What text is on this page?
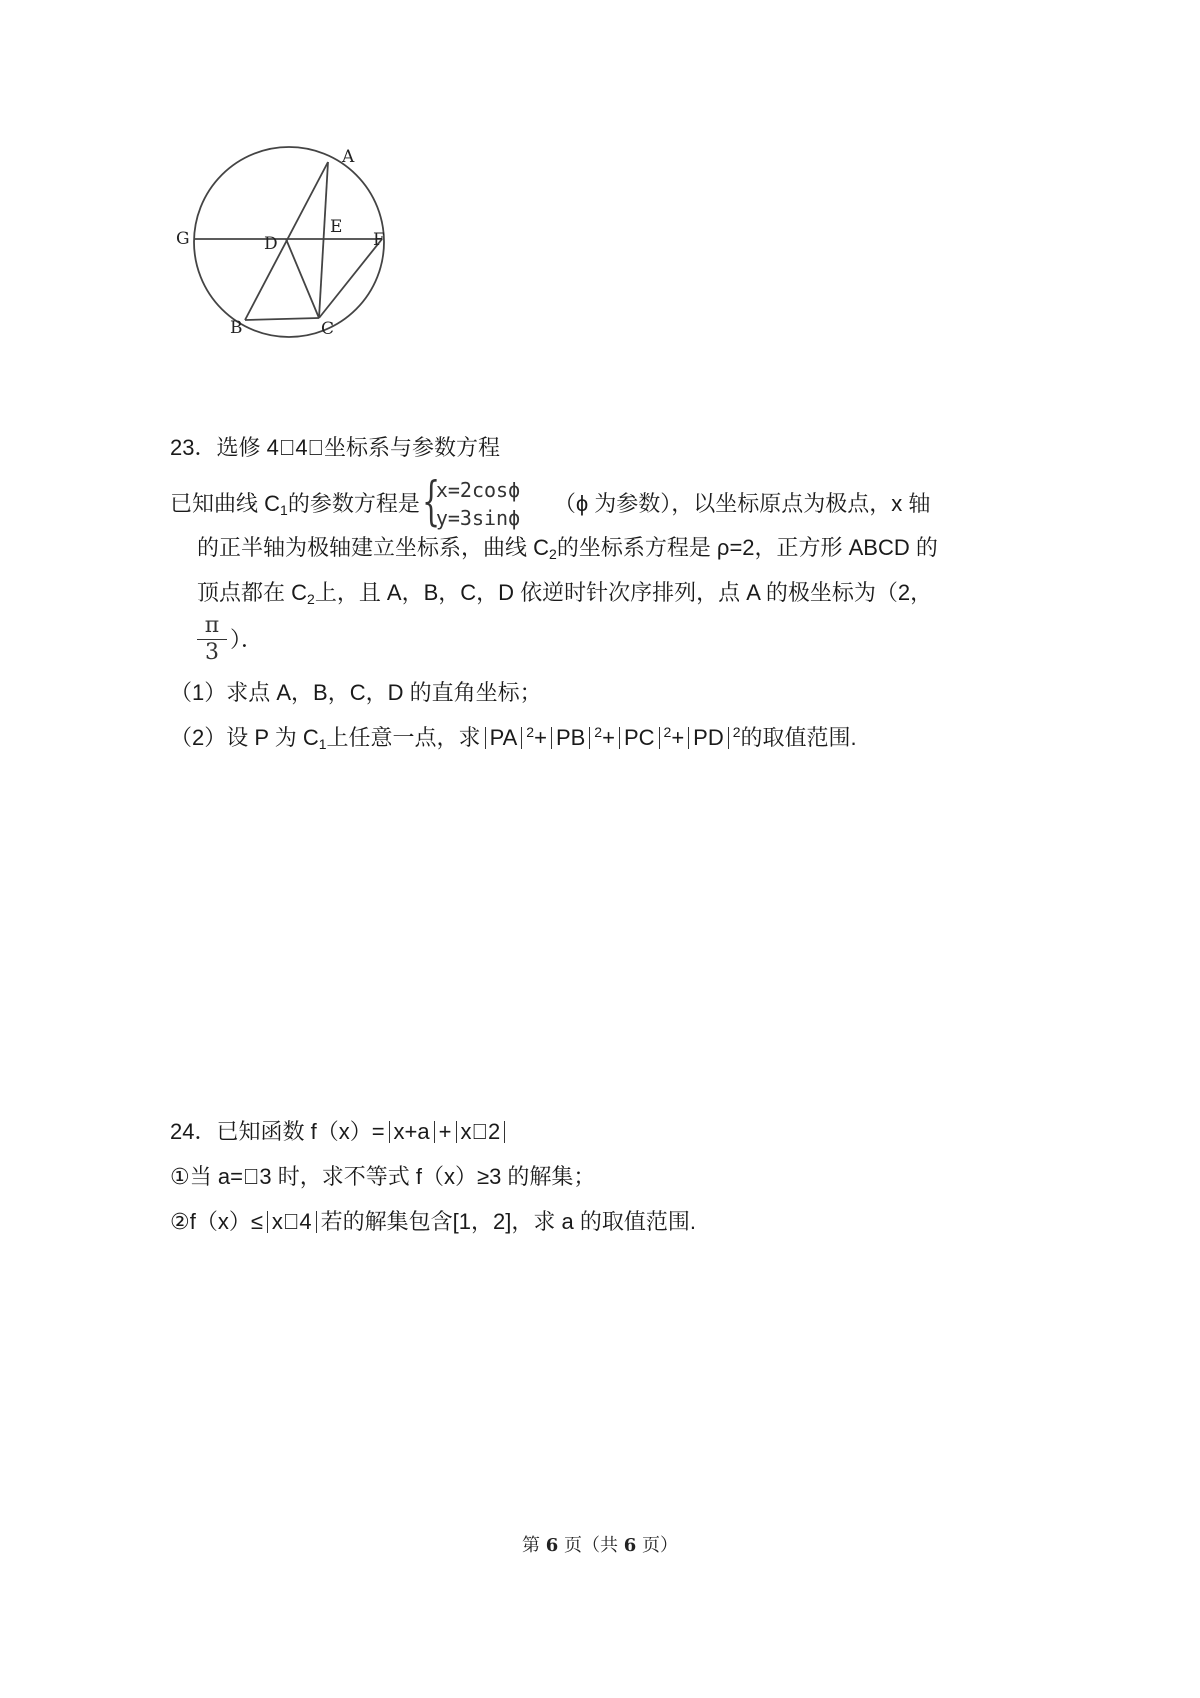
A
E
G	D	F
B	C
23．选修 4􏰀4；坐标系与参数方程
已知曲线 $C_1$的参数方程是 {
x=2cosϕ
y=3sinϕ
（ϕ 为参数），以坐标原点为极点，x 轴
的正半轴为极轴建立坐标系，曲线 $C_2$的坐标系方程是 ρ=2，正方形 ABCD 的
顶点都在 $C_2$上，且 A，B，C，D 依逆时针次序排列，点 A 的极坐标为（2，
π
3
）．
（1）求点 A，B，C，D 的直角坐标；
（2）设 P 为 $C_1$上任意一点，求 PA $^2$+ PB $^2$+ PC $^2$+ PD $^2$的取值范围.
24．已知函数 f（x）= x+a + x􏰀2
①当 a=􏰀3 时，求不等式 f（x）≥3 的解集；
②f（x）≤ x􏰀4 若的解集包含[1，2]，求 a 的取值范围.
第 6 页（共 6 页）
